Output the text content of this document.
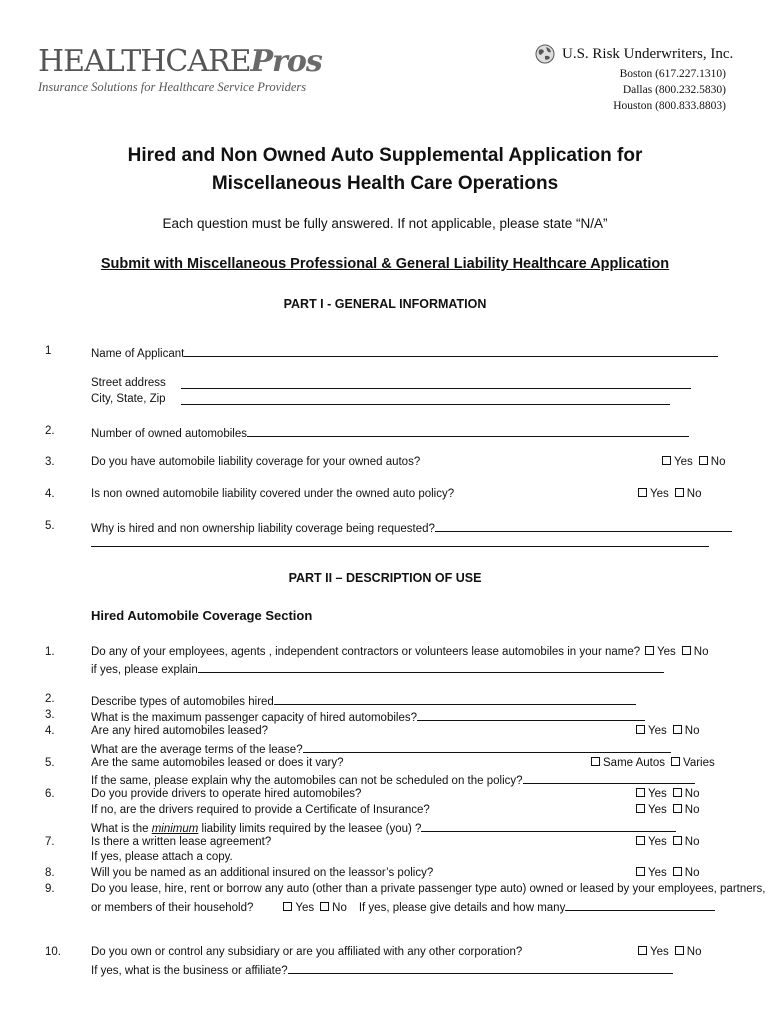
HEALTHCAREPros
Insurance Solutions for Healthcare Service Providers
U.S. Risk Underwriters, Inc.
Boston (617.227.1310)
Dallas (800.232.5830)
Houston (800.833.8803)
Hired and Non Owned Auto Supplemental Application for
Miscellaneous Health Care Operations
Each question must be fully answered. If not applicable, please state “N/A”
Submit with Miscellaneous Professional & General Liability Healthcare Application
PART I - GENERAL INFORMATION
1	Name of Applicant
Street address
City, State, Zip
2.	Number of owned automobiles
3.	Do you have automobile liability coverage for your owned autos?	Yes No
4.	Is non owned automobile liability covered under the owned auto policy?	Yes No
5.	Why is hired and non ownership liability coverage being requested?
PART II – DESCRIPTION OF USE
Hired Automobile Coverage Section
1.	Do any of your employees, agents , independent contractors or volunteers lease automobiles in your name?	Yes No
if yes, please explain
2.	Describe types of automobiles hired
3.	What is the maximum passenger capacity of hired automobiles?
4.	Are any hired automobiles leased?	Yes No
What are the average terms of the lease?
5.	Are the same automobiles leased or does it vary?	Same Autos Varies
If the same, please explain why the automobiles can not be scheduled on the policy?
6.	Do you provide drivers to operate hired automobiles?	Yes No
If no, are the drivers required to provide a Certificate of Insurance?	Yes No
What is the minimum liability limits required by the leasee (you) ?
7.	Is there a written lease agreement?	Yes No
If yes, please attach a copy.
8.	Will you be named as an additional insured on the leassor’s policy?	Yes No
9.	Do you lease, hire, rent or borrow any auto (other than a private passenger type auto) owned or leased by your employees, partners,
or members of their household?	Yes No If yes, please give details and how many
10.	Do you own or control any subsidiary or are you affiliated with any other corporation?	Yes No
If yes, what is the business or affiliate?
